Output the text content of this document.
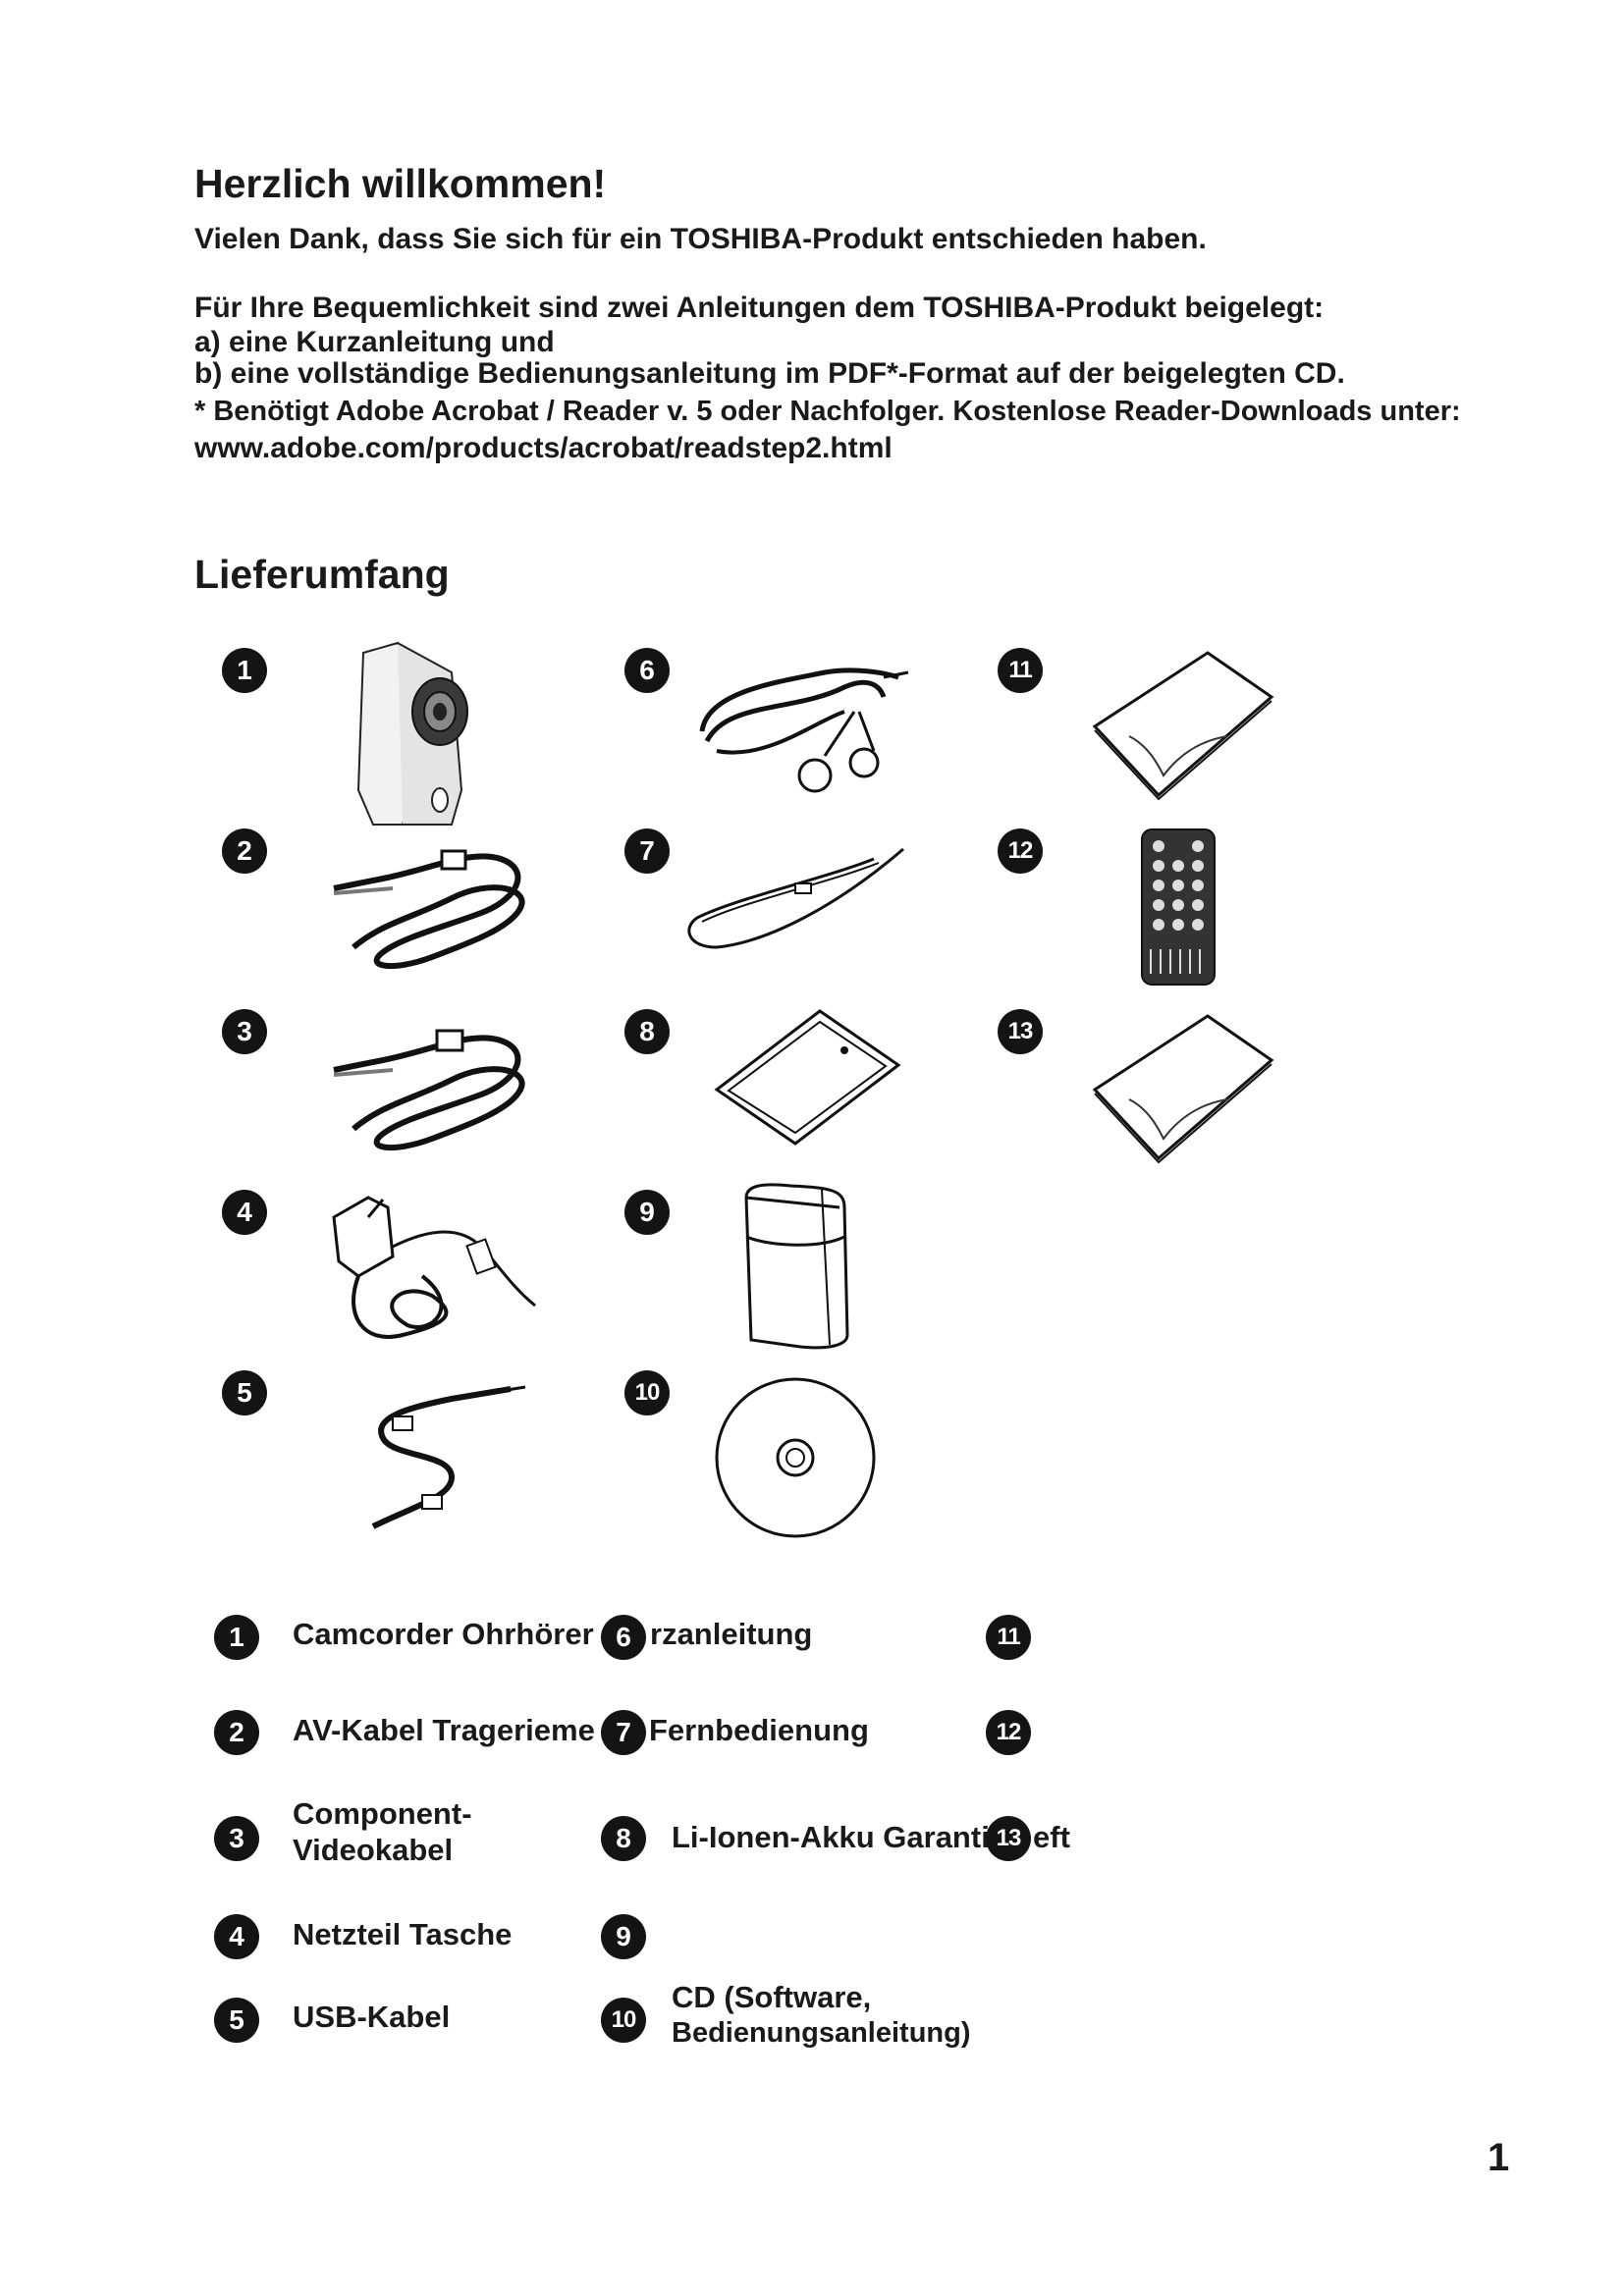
Herzlich willkommen!
Vielen Dank, dass Sie sich für ein TOSHIBA-Produkt entschieden haben.
Für Ihre Bequemlichkeit sind zwei Anleitungen dem TOSHIBA-Produkt beigelegt:
a) eine Kurzanleitung und
b) eine vollständige Bedienungsanleitung im PDF*-Format auf der beigelegten CD.
* Benötigt Adobe Acrobat / Reader v. 5 oder Nachfolger. Kostenlose Reader-Downloads unter:
www.adobe.com/products/acrobat/readstep2.html
Lieferumfang
1
2
3
4
5
6
7
8
9
10
11
12
13
1
2
3
4
5
6
7
8
9
10
11
12
13
Camcorder Ohrhörer
AV-Kabel Tragerieme
Component-
Videokabel
Netzteil Tasche
USB-Kabel
rzanleitung
Fernbedienung
Li-Ionen-Akku Garanti eft
CD (Software,
Bedienungsanleitung)
1
